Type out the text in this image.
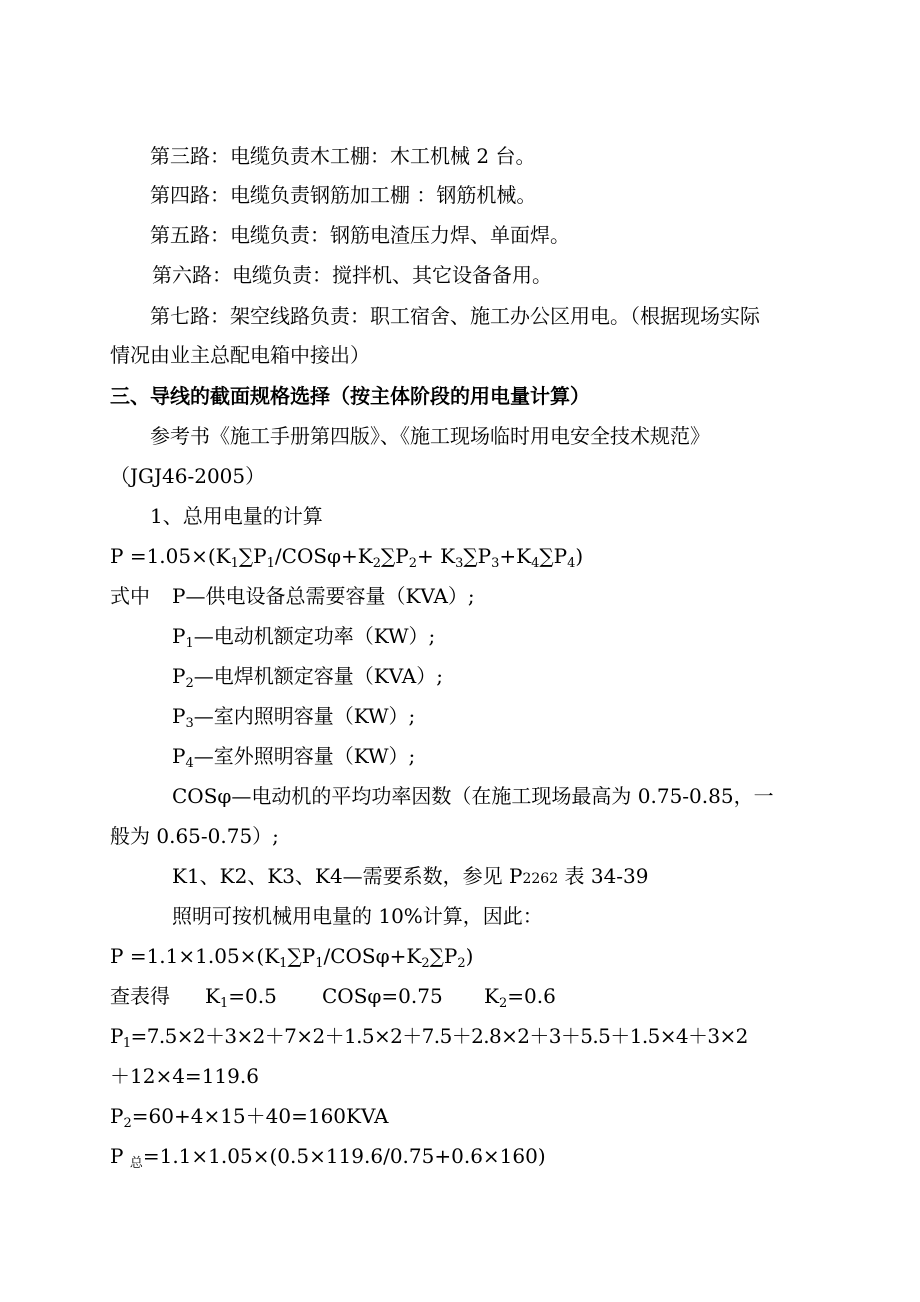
第三路：电缆负责木工棚：木工机械 2 台。
第四路：电缆负责钢筋加工棚 ：钢筋机械。
第五路：电缆负责：钢筋电渣压力焊、单面焊。
第六路：电缆负责：搅拌机、其它设备备用。
第七路：架空线路负责：职工宿舍、施工办公区用电。（根据现场实际
情况由业主总配电箱中接出）
三、导线的截面规格选择（按主体阶段的用电量计算）
参考书《施工手册第四版》、《施工现场临时用电安全技术规范》
（JGJ46-2005）
1、总用电量的计算
$P =1.05\times(K_1\sum P_1/COS\varphi+K_2\sum P_2+ K_3\sum P_3+K_4\sum P_4)$
式中 P—供电设备总需要容量（KVA）;
$P_1—$电动机额定功率（KW）;
$P_2—$电焊机额定容量（KVA）;
$P_3—$室内照明容量（KW）;
$P_4—$室外照明容量（KW）;
COSφ—电动机的平均功率因数（在施工现场最高为 0.75-0.85，一
般为 0.65-0.75）;
K1、K2、K3、K4—需要系数，参见 P2262 表 34-39
照明可按机械用电量的 10%计算，因此：
$P =1.1\times 1.05\times(K_1\sum P_1/COS\varphi+K_2\sum P_2)$
查表得 $K_1=0.5$ COSφ=0.75 $K_2=0.6$
$P_1=7.5\times 2+3\times 2+7\times 2+1.5\times 2+7.5+2.8\times 2+3+5.5+1.5\times 4+3\times 2$
＋12×4=119.6
$P_2=60+4\times 15+40=160KVA$
P $_总$=1.1×1.05×(0.5×119.6/0.75+0.6×160)
